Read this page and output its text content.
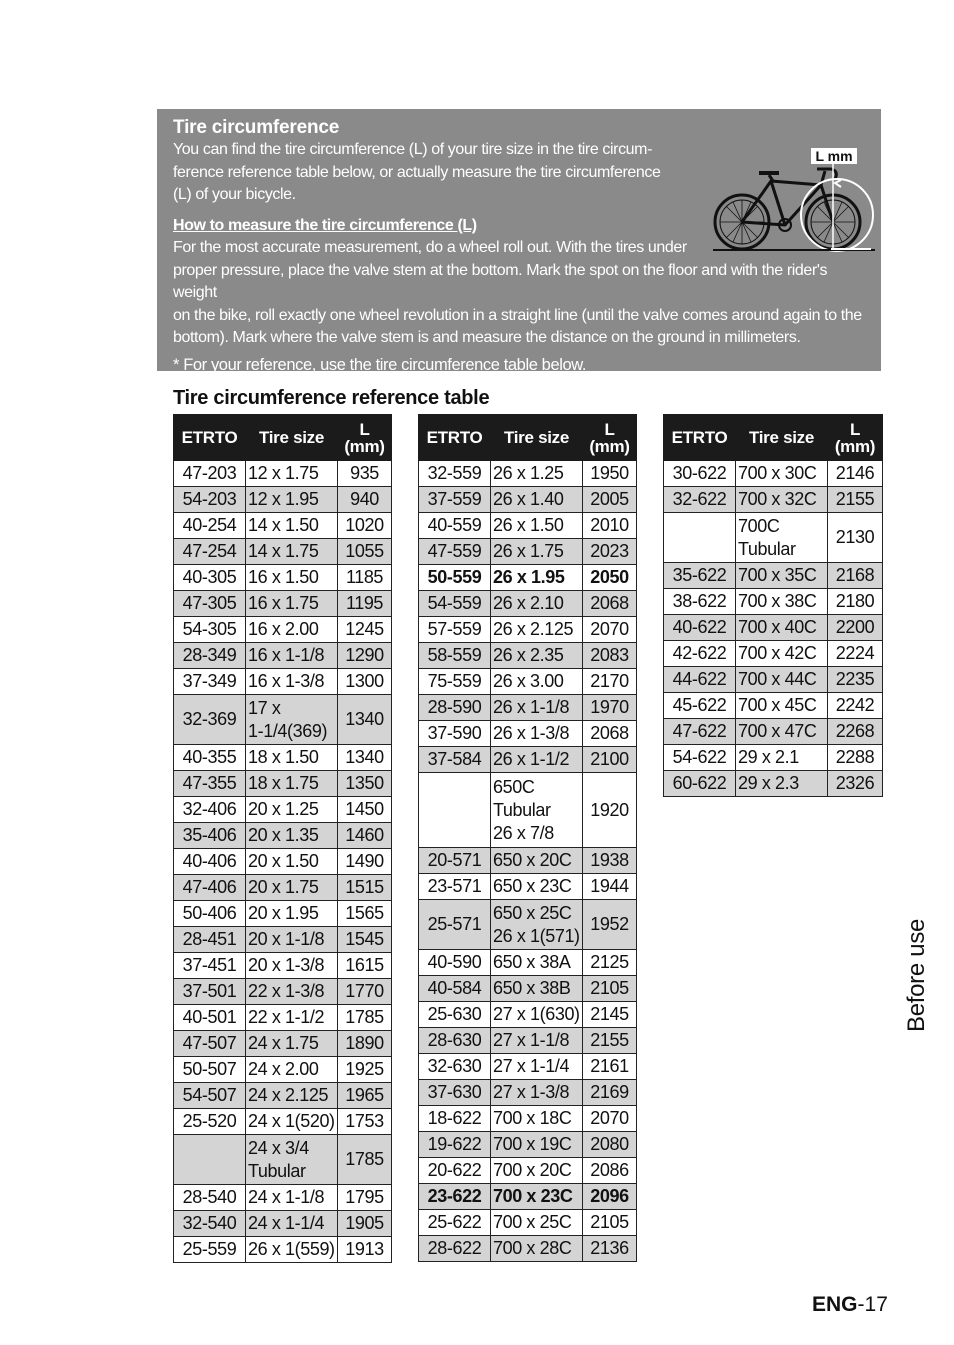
Tire circumference

You can find the tire circumference (L) of your tire size in the tire circum-

ference reference table below, or actually measure the tire circumference

(L) of your bicycle.

How to measure the tire circumference (L)

For the most accurate measurement, do a wheel roll out. With the tires under

proper pressure, place the valve stem at the bottom. Mark the spot on the floor and with the rider's weight

on the bike, roll exactly one wheel revolution in a straight line (until the valve comes around again to the

bottom). Mark where the valve stem is and measure the distance on the ground in millimeters.

* For your reference, use the tire circumference table below.

L mm
Tire circumference reference table
ETRTO	Tire size	L
(mm)
47-203	12 x 1.75	935
54-203	12 x 1.95	940
40-254	14 x 1.50	1020
47-254	14 x 1.75	1055
40-305	16 x 1.50	1185
47-305	16 x 1.75	1195
54-305	16 x 2.00	1245
28-349	16 x 1-1/8	1290
37-349	16 x 1-3/8	1300
32-369	17 x
1-1/4(369)	1340
40-355	18 x 1.50	1340
47-355	18 x 1.75	1350
32-406	20 x 1.25	1450
35-406	20 x 1.35	1460
40-406	20 x 1.50	1490
47-406	20 x 1.75	1515
50-406	20 x 1.95	1565
28-451	20 x 1-1/8	1545
37-451	20 x 1-3/8	1615
37-501	22 x 1-3/8	1770
40-501	22 x 1-1/2	1785
47-507	24 x 1.75	1890
50-507	24 x 2.00	1925
54-507	24 x 2.125	1965
25-520	24 x 1(520)	1753
	24 x 3/4
Tubular	1785
28-540	24 x 1-1/8	1795
32-540	24 x 1-1/4	1905
25-559	26 x 1(559)	1913
ETRTO	Tire size	L
(mm)
32-559	26 x 1.25	1950
37-559	26 x 1.40	2005
40-559	26 x 1.50	2010
47-559	26 x 1.75	2023
50-559	26 x 1.95	2050
54-559	26 x 2.10	2068
57-559	26 x 2.125	2070
58-559	26 x 2.35	2083
75-559	26 x 3.00	2170
28-590	26 x 1-1/8	1970
37-590	26 x 1-3/8	2068
37-584	26 x 1-1/2	2100
	650C
Tubular
26 x 7/8	1920
20-571	650 x 20C	1938
23-571	650 x 23C	1944
25-571	650 x 25C
26 x 1(571)	1952
40-590	650 x 38A	2125
40-584	650 x 38B	2105
25-630	27 x 1(630)	2145
28-630	27 x 1-1/8	2155
32-630	27 x 1-1/4	2161
37-630	27 x 1-3/8	2169
18-622	700 x 18C	2070
19-622	700 x 19C	2080
20-622	700 x 20C	2086
23-622	700 x 23C	2096
25-622	700 x 25C	2105
28-622	700 x 28C	2136
ETRTO	Tire size	L
(mm)
30-622	700 x 30C	2146
32-622	700 x 32C	2155
	700C
Tubular	2130
35-622	700 x 35C	2168
38-622	700 x 38C	2180
40-622	700 x 40C	2200
42-622	700 x 42C	2224
44-622	700 x 44C	2235
45-622	700 x 45C	2242
47-622	700 x 47C	2268
54-622	29 x 2.1	2288
60-622	29 x 2.3	2326
Before use
ENG-17
